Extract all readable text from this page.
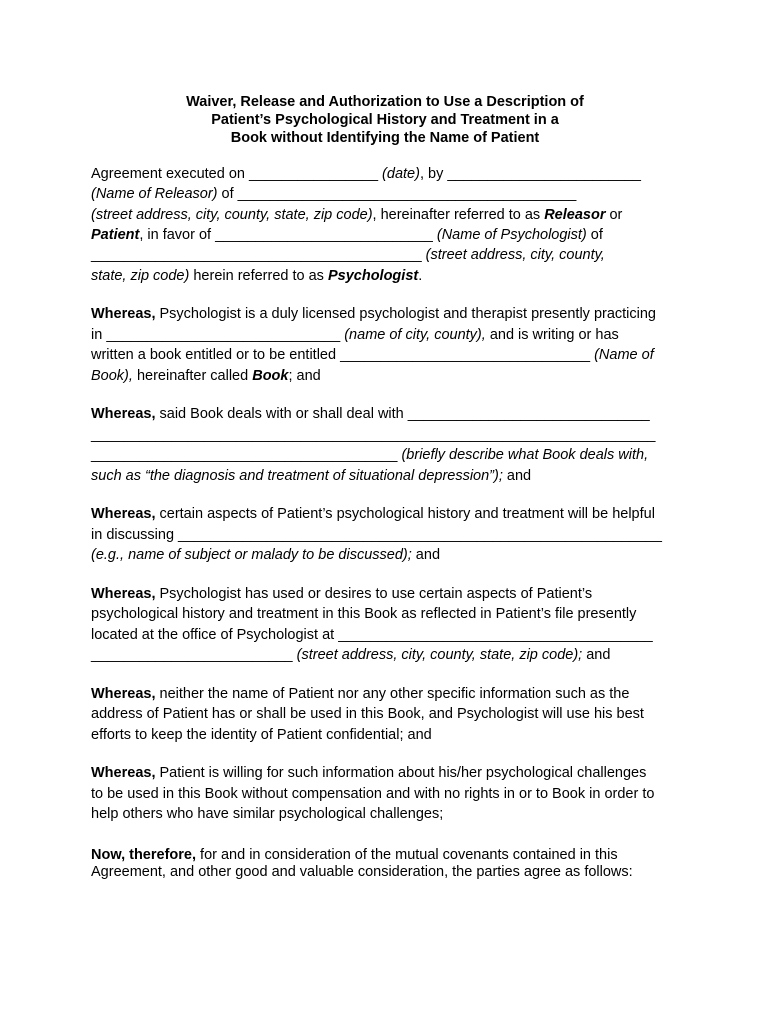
Waiver, Release and Authorization to Use a Description of
Patient’s Psychological History and Treatment in a
Book without Identifying the Name of Patient
Agreement executed on ________________ (date), by ________________________
(Name of Releasor) of __________________________________________
(street address, city, county, state, zip code), hereinafter referred to as Releasor or
Patient, in favor of ___________________________ (Name of Psychologist) of
_________________________________________ (street address, city, county,
state, zip code) herein referred to as Psychologist.
Whereas, Psychologist is a duly licensed psychologist and therapist presently practicing
in _____________________________ (name of city, county), and is writing or has
written a book entitled or to be entitled _______________________________ (Name of
Book), hereinafter called Book; and
Whereas, said Book deals with or shall deal with ______________________________
______________________________________________________________________
______________________________________ (briefly describe what Book deals with,
such as “the diagnosis and treatment of situational depression”); and
Whereas, certain aspects of Patient’s psychological history and treatment will be helpful
in discussing ____________________________________________________________
(e.g., name of subject or malady to be discussed); and
Whereas, Psychologist has used or desires to use certain aspects of Patient’s
psychological history and treatment in this Book as reflected in Patient’s file presently
located at the office of Psychologist at _______________________________________
_________________________ (street address, city, county, state, zip code); and
Whereas, neither the name of Patient nor any other specific information such as the
address of Patient has or shall be used in this Book, and Psychologist will use his best
efforts to keep the identity of Patient confidential; and
Whereas, Patient is willing for such information about his/her psychological challenges
to be used in this Book without compensation and with no rights in or to Book in order to
help others who have similar psychological challenges;
Now, therefore, for and in consideration of the mutual covenants contained in this
Agreement, and other good and valuable consideration, the parties agree as follows:
